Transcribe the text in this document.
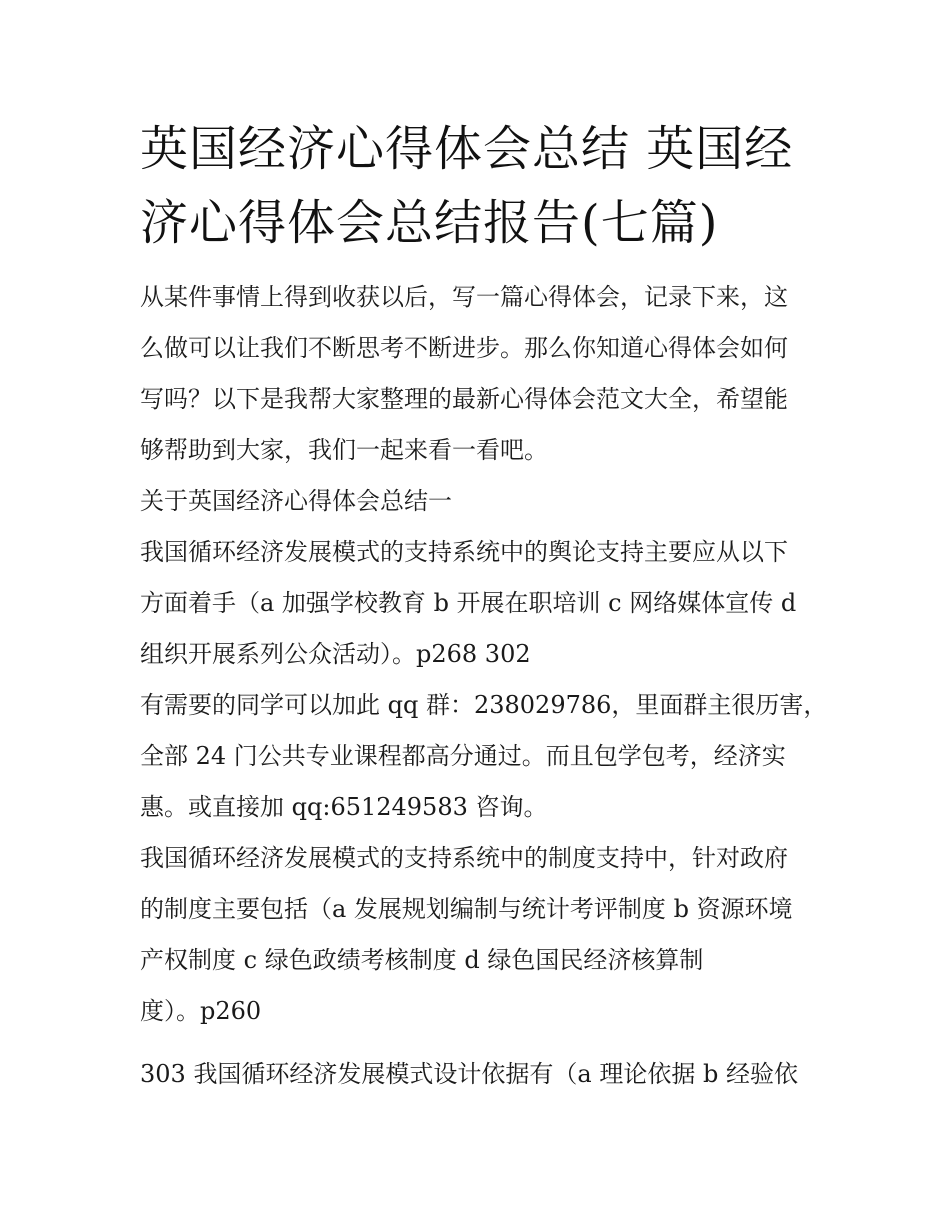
英国经济心得体会总结 英国经
济心得体会总结报告(七篇)
从某件事情上得到收获以后，写一篇心得体会，记录下来，这
么做可以让我们不断思考不断进步。那么你知道心得体会如何
写吗？以下是我帮大家整理的最新心得体会范文大全，希望能
够帮助到大家，我们一起来看一看吧。
关于英国经济心得体会总结一
我国循环经济发展模式的支持系统中的舆论支持主要应从以下
方面着手（a 加强学校教育 b 开展在职培训 c 网络媒体宣传 d
组织开展系列公众活动）。p268 302
有需要的同学可以加此 qq 群：238029786，里面群主很历害，
全部 24 门公共专业课程都高分通过。而且包学包考，经济实
惠。或直接加 qq:651249583 咨询。
我国循环经济发展模式的支持系统中的制度支持中，针对政府
的制度主要包括（a 发展规划编制与统计考评制度 b 资源环境
产权制度 c 绿色政绩考核制度 d 绿色国民经济核算制
度）。p260
303 我国循环经济发展模式设计依据有（a 理论依据 b 经验依
